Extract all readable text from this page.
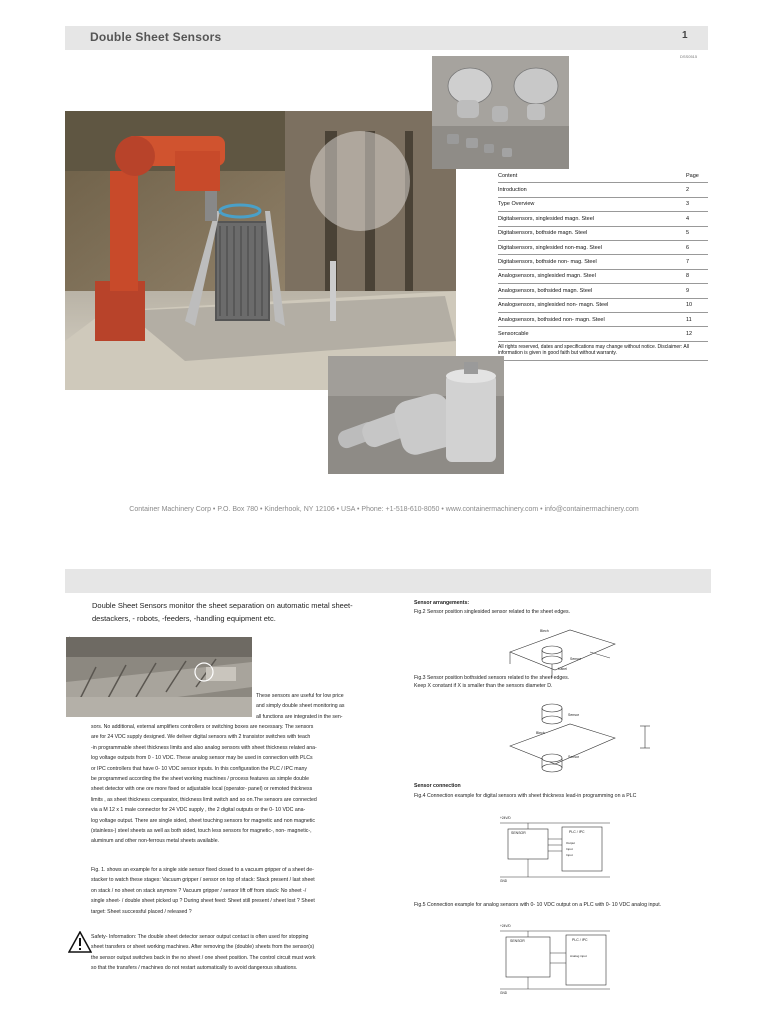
Double Sheet Sensors	1
DSS0515
Content	Page
Introduction	2
Type Overview	3
Digitalsensors, singlesided magn. Steel	4
Digitalsensors, bothside magn. Steel	5
Digitalsensors, singlesided non-mag. Steel	6
Digitalsensors, bothside non- mag. Steel	7
Analogsensors, singlesided magn. Steel	8
Analogsensors, bothsided magn. Steel	9
Analogsensors, singlesided non- magn. Steel	10
Analogsensors, bothsided non- magn. Steel	11
Sensorcable	12
All rights reserved, dates and specifications may change without notice. Disclaimer: All information is given in good faith but without warranty.
Container Machinery Corp • P.O. Box 780 • Kinderhook, NY 12106 • USA • Phone: +1-518-610-8050 • www.containermachinery.com • info@containermachinery.com
Double Sheet Sensors monitor the sheet separation on automatic metal sheet- destackers, - robots, -feeders, -handling equipment etc.
These sensors are useful for low price
and simply double sheet monitoring as
all functions are integrated in the sen-
sors. No additional, external amplifiers controllers or switching boxes are necessary. The sensors
are for 24 VDC supply designed. We deliver digital sensors with 2 transistor switches with teach
-in programmable sheet thickness limits and also analog sensors with sheet thickness related ana-
log voltage outputs from 0 - 10 VDC. These analog sensor may be used in connection with PLCs
or IPC controllers that have 0- 10 VDC sensor inputs. In this configuration the PLC / IPC many
be programmed according the the sheet working machines / process features as simple double
sheet detector with one ore more fixed or adjustable local (operator- panel) or remoted thickness
limits , as sheet thickness comparator, thickness limit switch and so on.The sensors are connected
via a M 12 x 1 male connector for 24 VDC supply , the 2 digital outputs or the 0- 10 VDC ana-
log voltage output. There are single sided, sheet touching sensors for magnetic and non magnetic
(stainless-) steel sheets as well as both sided, touch less sensors for magnetic-, non- magnetic-,
aluminum and other non-ferrous metal sheets available.
Fig. 1. shows an example for a single side sensor fixed closed to a vacuum gripper of a sheet de-
stacker to watch these stages: Vacuum gripper / sensor on top of stack: Stack present / last sheet
on stack / no sheet on stack anymore ? Vacuum gripper / sensor lift off from stack: No sheet -/
single sheet- / double sheet picked up ? During sheet feed: Sheet still present / sheet lost ? Sheet
target: Sheet successful placed / released ?
Safety- Information: The double sheet detector sensor output contact is often used for stopping
sheet transfers or sheet working machines. After removing the (double) sheets from the sensor(s)
the sensor output switches back in the no sheet / one sheet position. The control circuit must work
so that the transfers / machines do not restart automatically to avoid dangerous situations.
Sensor arrangements:
Fig.2 Sensor position singlesided sensor related to the sheet edges.
Blech
Sensor
Kabel
Fig.3 Sensor position bothsided sensors related to the sheet edges.
Keep X constant if X is smaller than the sensors diameter D.
Sensor
Blech
Sensor
Sensor connection
Fig.4 Connection example for digital sensors with sheet thickness lead-in programming on a PLC
+24V/D
SENSOR	PLC / IPC
Output
Input
Input
GND
Fig.5 Connection example for analog sensors with 0- 10 VDC output on a PLC with 0- 10 VDC analog input.
+24V/D
SENSOR	PLC / IPC
Analog input
GND
